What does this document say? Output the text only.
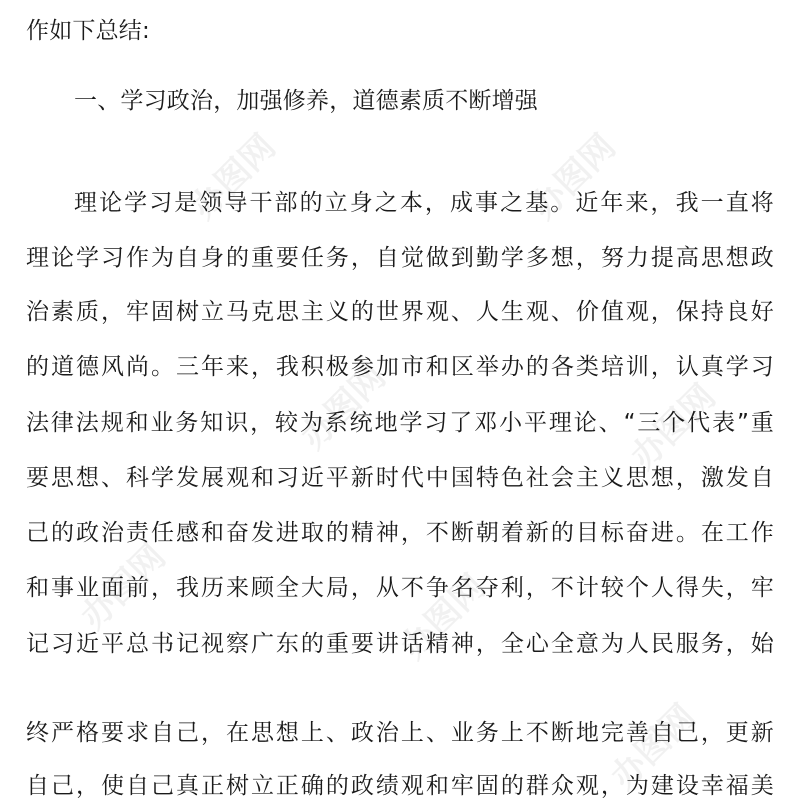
办图网	办图网
办图网	办图网
办图网	办图网
办图网
作如下总结:
一、学习政治，加强修养，道德素质不断增强
理论学习是领导干部的立身之本，成事之基。近年来，我一直将
理论学习作为自身的重要任务，自觉做到勤学多想，努力提高思想政
治素质，牢固树立马克思主义的世界观、人生观、价值观，保持良好
的道德风尚。三年来，我积极参加市和区举办的各类培训，认真学习
法律法规和业务知识，较为系统地学习了邓小平理论、“三个代表”重
要思想、科学发展观和习近平新时代中国特色社会主义思想，激发自
己的政治责任感和奋发进取的精神，不断朝着新的目标奋进。在工作
和事业面前，我历来顾全大局，从不争名夺利，不计较个人得失，牢
记习近平总书记视察广东的重要讲话精神，全心全意为人民服务，始
终严格要求自己，在思想上、政治上、业务上不断地完善自己，更新
自己，使自己真正树立正确的政绩观和牢固的群众观，为建设幸福美
